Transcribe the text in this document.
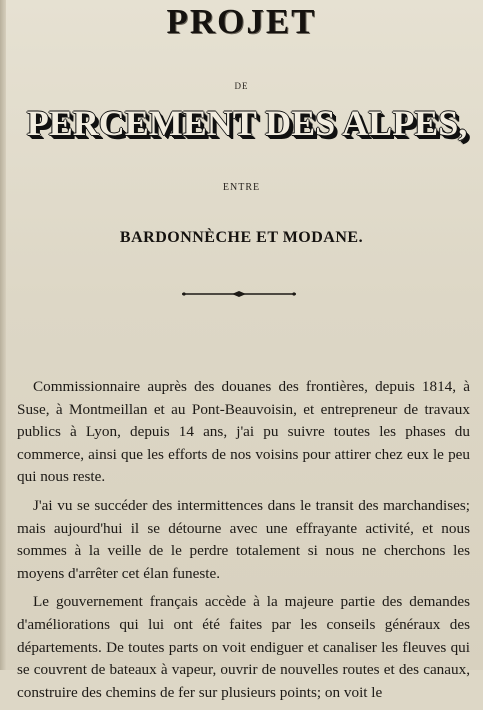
PROJET
DE
PERCEMENT DES ALPES,
ENTRE
BARDONNÈCHE ET MODANE.

Commissionnaire auprès des douanes des frontières, depuis 1814, à Suse, à Montmeillan et au Pont-Beauvoisin, et entrepreneur de travaux publics à Lyon, depuis 14 ans, j'ai pu suivre toutes les phases du commerce, ainsi que les efforts de nos voisins pour attirer chez eux le peu qui nous reste.

J'ai vu se succéder des intermittences dans le transit des marchandises; mais aujourd'hui il se détourne avec une effrayante activité, et nous sommes à la veille de le perdre totalement si nous ne cherchons les moyens d'arrêter cet élan funeste.

Le gouvernement français accède à la majeure partie des demandes d'améliorations qui lui ont été faites par les conseils généraux des départements. De toutes parts on voit endiguer et canaliser les fleuves qui se couvrent de bateaux à vapeur, ouvrir de nouvelles routes et des canaux, construire des chemins de fer sur plusieurs points; on voit le
